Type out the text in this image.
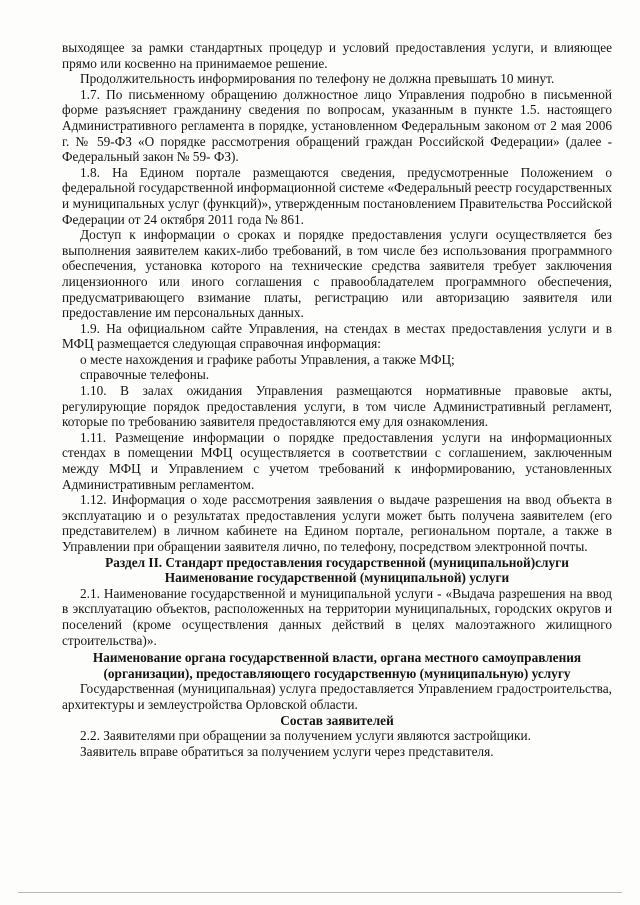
выходящее за рамки стандартных процедур и условий предоставления услуги, и влияющее прямо или косвенно на принимаемое решение.

Продолжительность информирования по телефону не должна превышать 10 минут.

1.7. По письменному обращению должностное лицо Управления подробно в письменной форме разъясняет гражданину сведения по вопросам, указанным в пункте 1.5. настоящего Административного регламента в порядке, установленном Федеральным законом от 2 мая 2006 г. № 59-ФЗ «О порядке рассмотрения обращений граждан Российской Федерации» (далее - Федеральный закон № 59- ФЗ).

1.8. На Едином портале размещаются сведения, предусмотренные Положением о федеральной государственной информационной системе «Федеральный реестр государственных и муниципальных услуг (функций)», утвержденным постановлением Правительства Российской Федерации от 24 октября 2011 года № 861.

Доступ к информации о сроках и порядке предоставления услуги осуществляется без выполнения заявителем каких-либо требований, в том числе без использования программного обеспечения, установка которого на технические средства заявителя требует заключения лицензионного или иного соглашения с правообладателем программного обеспечения, предусматривающего взимание платы, регистрацию или авторизацию заявителя или предоставление им персональных данных.

1.9. На официальном сайте Управления, на стендах в местах предоставления услуги и в МФЦ размещается следующая справочная информация:

о месте нахождения и графике работы Управления, а также МФЦ;

справочные телефоны.

1.10. В залах ожидания Управления размещаются нормативные правовые акты, регулирующие порядок предоставления услуги, в том числе Административный регламент, которые по требованию заявителя предоставляются ему для ознакомления.

1.11. Размещение информации о порядке предоставления услуги на информационных стендах в помещении МФЦ осуществляется в соответствии с соглашением, заключенным между МФЦ и Управлением с учетом требований к информированию, установленных Административным регламентом.

1.12. Информация о ходе рассмотрения заявления о выдаче разрешения на ввод объекта в эксплуатацию и о результатах предоставления услуги может быть получена заявителем (его представителем) в личном кабинете на Едином портале, региональном портале, а также в Управлении при обращении заявителя лично, по телефону, посредством электронной почты.

Раздел II. Стандарт предоставления государственной (муниципальной)слуги

Наименование государственной (муниципальной) услуги

2.1. Наименование государственной и муниципальной услуги - «Выдача разрешения на ввод в эксплуатацию объектов, расположенных на территории муниципальных, городских округов и поселений (кроме осуществления данных действий в целях малоэтажного жилищного строительства)».

Наименование органа государственной власти, органа местного самоуправления (организации), предоставляющего государственную (муниципальную) услугу

Государственная (муниципальная) услуга предоставляется Управлением градостроительства, архитектуры и землеустройства Орловской области.

Состав заявителей

2.2. Заявителями при обращении за получением услуги являются застройщики.

Заявитель вправе обратиться за получением услуги через представителя.
